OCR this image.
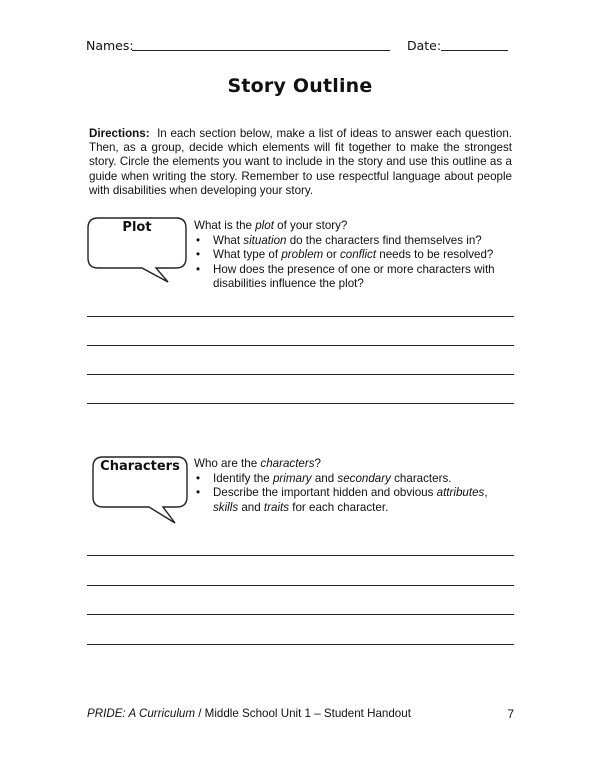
Names:	Date:
Story Outline
Directions: In each section below, make a list of ideas to answer each question. Then, as a group, decide which elements will fit together to make the strongest story. Circle the elements you want to include in the story and use this outline as a guide when writing the story. Remember to use respectful language about people with disabilities when developing your story.
Plot	What is the plot of your story?
• What situation do the characters find themselves in?
• What type of problem or conflict needs to be resolved?
• How does the presence of one or more characters with disabilities influence the plot?
Characters	Who are the characters?
• Identify the primary and secondary characters.
• Describe the important hidden and obvious attributes, skills and traits for each character.
PRIDE: A Curriculum / Middle School Unit 1 – Student Handout	7
